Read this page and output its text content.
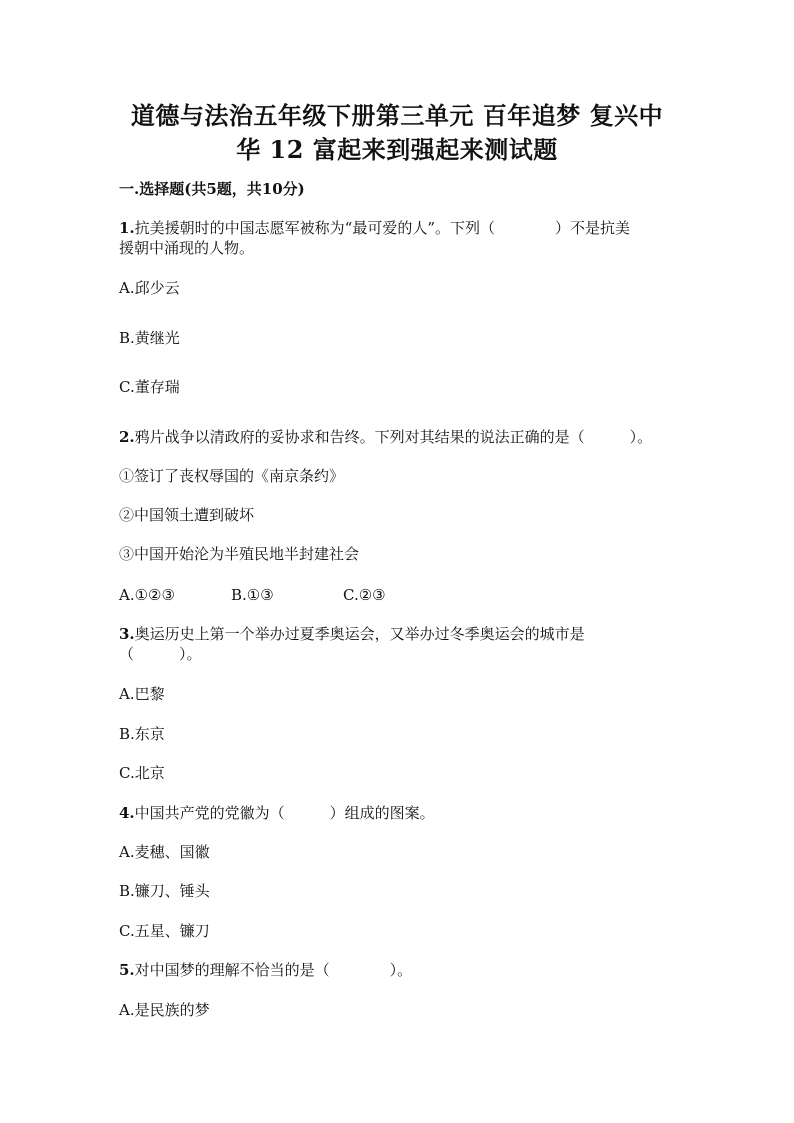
道德与法治五年级下册第三单元 百年追梦 复兴中
华 12 富起来到强起来测试题
一.选择题(共5题，共10分)
1.抗美援朝时的中国志愿军被称为“最可爱的人”。下列（　　　　）不是抗美
援朝中涌现的人物。
A.邱少云
B.黄继光
C.董存瑞
2.鸦片战争以清政府的妥协求和告终。下列对其结果的说法正确的是（　　　）。
①签订了丧权辱国的《南京条约》
②中国领土遭到破坏
③中国开始沦为半殖民地半封建社会
A.①②③	B.①③	C.②③
3.奥运历史上第一个举办过夏季奥运会，又举办过冬季奥运会的城市是
（　　　）。
A.巴黎
B.东京
C.北京
4.中国共产党的党徽为（　　　）组成的图案。
A.麦穗、国徽
B.镰刀、锤头
C.五星、镰刀
5.对中国梦的理解不恰当的是（　　　　）。
A.是民族的梦
